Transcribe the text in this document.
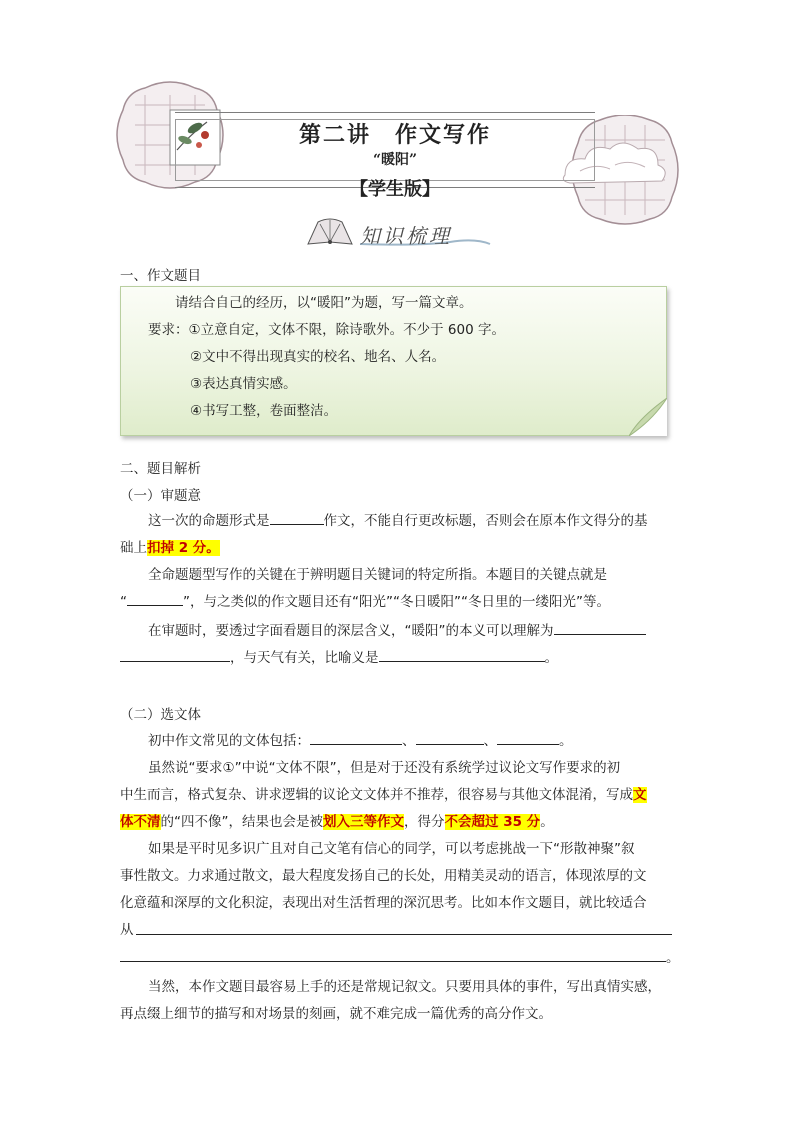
第二讲　作文写作
“暖阳”
【学生版】
知识梳理
一、作文题目
请结合自己的经历，以“暖阳”为题，写一篇文章。
要求：①立意自定，文体不限，除诗歌外。不少于 600 字。
②文中不得出现真实的校名、地名、人名。
③表达真情实感。
④书写工整，卷面整洁。
二、题目解析
（一）审题意
这一次的命题形式是	作文，不能自行更改标题，否则会在原本作文得分的基
础上扣掉 2 分。
全命题题型写作的关键在于辨明题目关键词的特定所指。本题目的关键点就是
“	”，与之类似的作文题目还有“阳光”“冬日暖阳”“冬日里的一缕阳光”等。
在审题时，要透过字面看题目的深层含义，“暖阳”的本义可以理解为
，与天气有关，比喻义是	。
（二）选文体
初中作文常见的文体包括：	、	、	。
虽然说“要求①”中说“文体不限”，但是对于还没有系统学过议论文写作要求的初
中生而言，格式复杂、讲求逻辑的议论文文体并不推荐，很容易与其他文体混淆，写成文
体不清的“四不像”，结果也会是被划入三等作文，得分不会超过 35 分。
如果是平时见多识广且对自己文笔有信心的同学，可以考虑挑战一下“形散神聚”叙
事性散文。力求通过散文，最大程度发扬自己的长处，用精美灵动的语言，体现浓厚的文
化意蕴和深厚的文化积淀，表现出对生活哲理的深沉思考。比如本作文题目，就比较适合
从
。
当然，本作文题目最容易上手的还是常规记叙文。只要用具体的事件，写出真情实感，
再点缀上细节的描写和对场景的刻画，就不难完成一篇优秀的高分作文。
